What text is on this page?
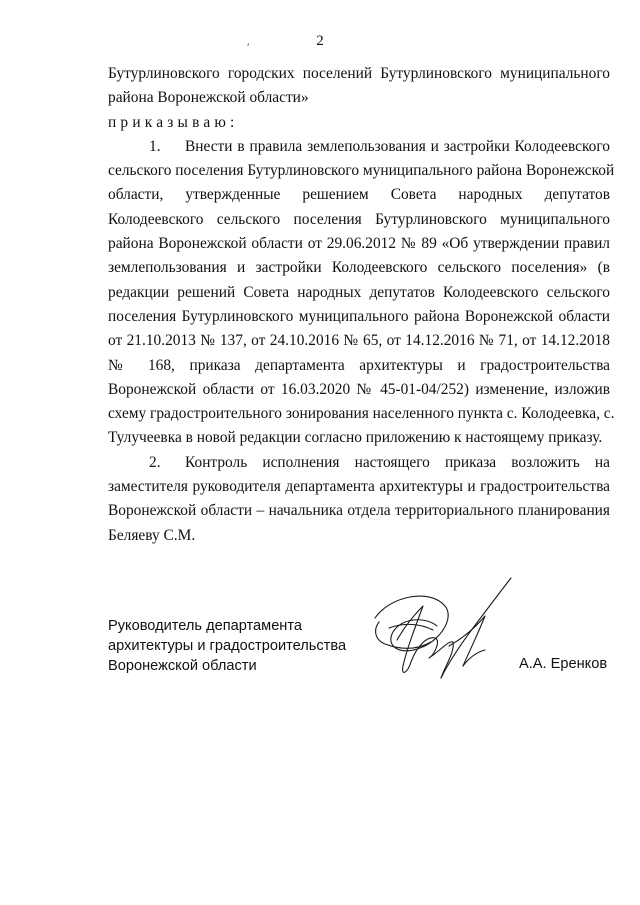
2
′
Бутурлиновского городских поселений Бутурлиновского муниципального
района Воронежской области»
приказываю:
1. Внести в правила землепользования и застройки Колодеевского
сельского поселения Бутурлиновского муниципального района Воронежской
области, утвержденные решением Совета народных депутатов
Колодеевского сельского поселения Бутурлиновского муниципального
района Воронежской области от 29.06.2012 № 89 «Об утверждении правил
землепользования и застройки Колодеевского сельского поселения» (в
редакции решений Совета народных депутатов Колодеевского сельского
поселения Бутурлиновского муниципального района Воронежской области
от 21.10.2013 № 137, от 24.10.2016 № 65, от 14.12.2016 № 71, от 14.12.2018
№ 168, приказа департамента архитектуры и градостроительства
Воронежской области от 16.03.2020 № 45-01-04/252) изменение, изложив
схему градостроительного зонирования населенного пункта с. Колодеевка, с.
Тулучеевка в новой редакции согласно приложению к настоящему приказу.
2. Контроль исполнения настоящего приказа возложить на
заместителя руководителя департамента архитектуры и градостроительства
Воронежской области – начальника отдела территориального планирования
Беляеву С.М.
Руководитель департамента
архитектуры и градостроительства
Воронежской области	А.А. Еренков
